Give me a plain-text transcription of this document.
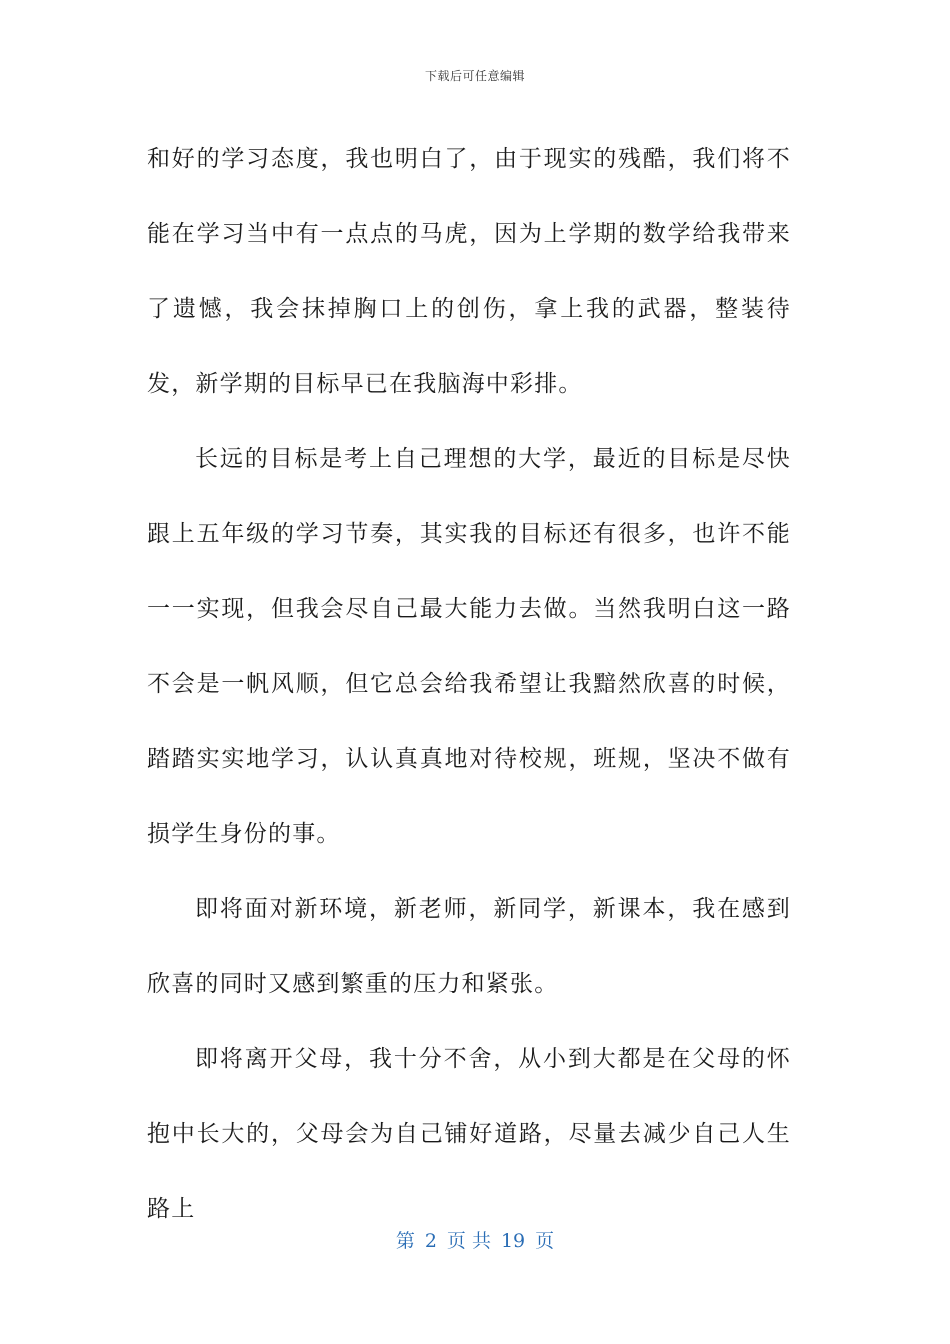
下载后可任意编辑

和好的学习态度，我也明白了，由于现实的残酷，我们将不能在学习当中有一点点的马虎，因为上学期的数学给我带来了遗憾，我会抹掉胸口上的创伤，拿上我的武器，整装待发，新学期的目标早已在我脑海中彩排。

长远的目标是考上自己理想的大学，最近的目标是尽快跟上五年级的学习节奏，其实我的目标还有很多，也许不能一一实现，但我会尽自己最大能力去做。当然我明白这一路不会是一帆风顺，但它总会给我希望让我黯然欣喜的时候，踏踏实实地学习，认认真真地对待校规，班规，坚决不做有损学生身份的事。

即将面对新环境，新老师，新同学，新课本，我在感到欣喜的同时又感到繁重的压力和紧张。

即将离开父母，我十分不舍，从小到大都是在父母的怀抱中长大的，父母会为自己铺好道路，尽量去减少自己人生路上

第 2 页 共 19 页
